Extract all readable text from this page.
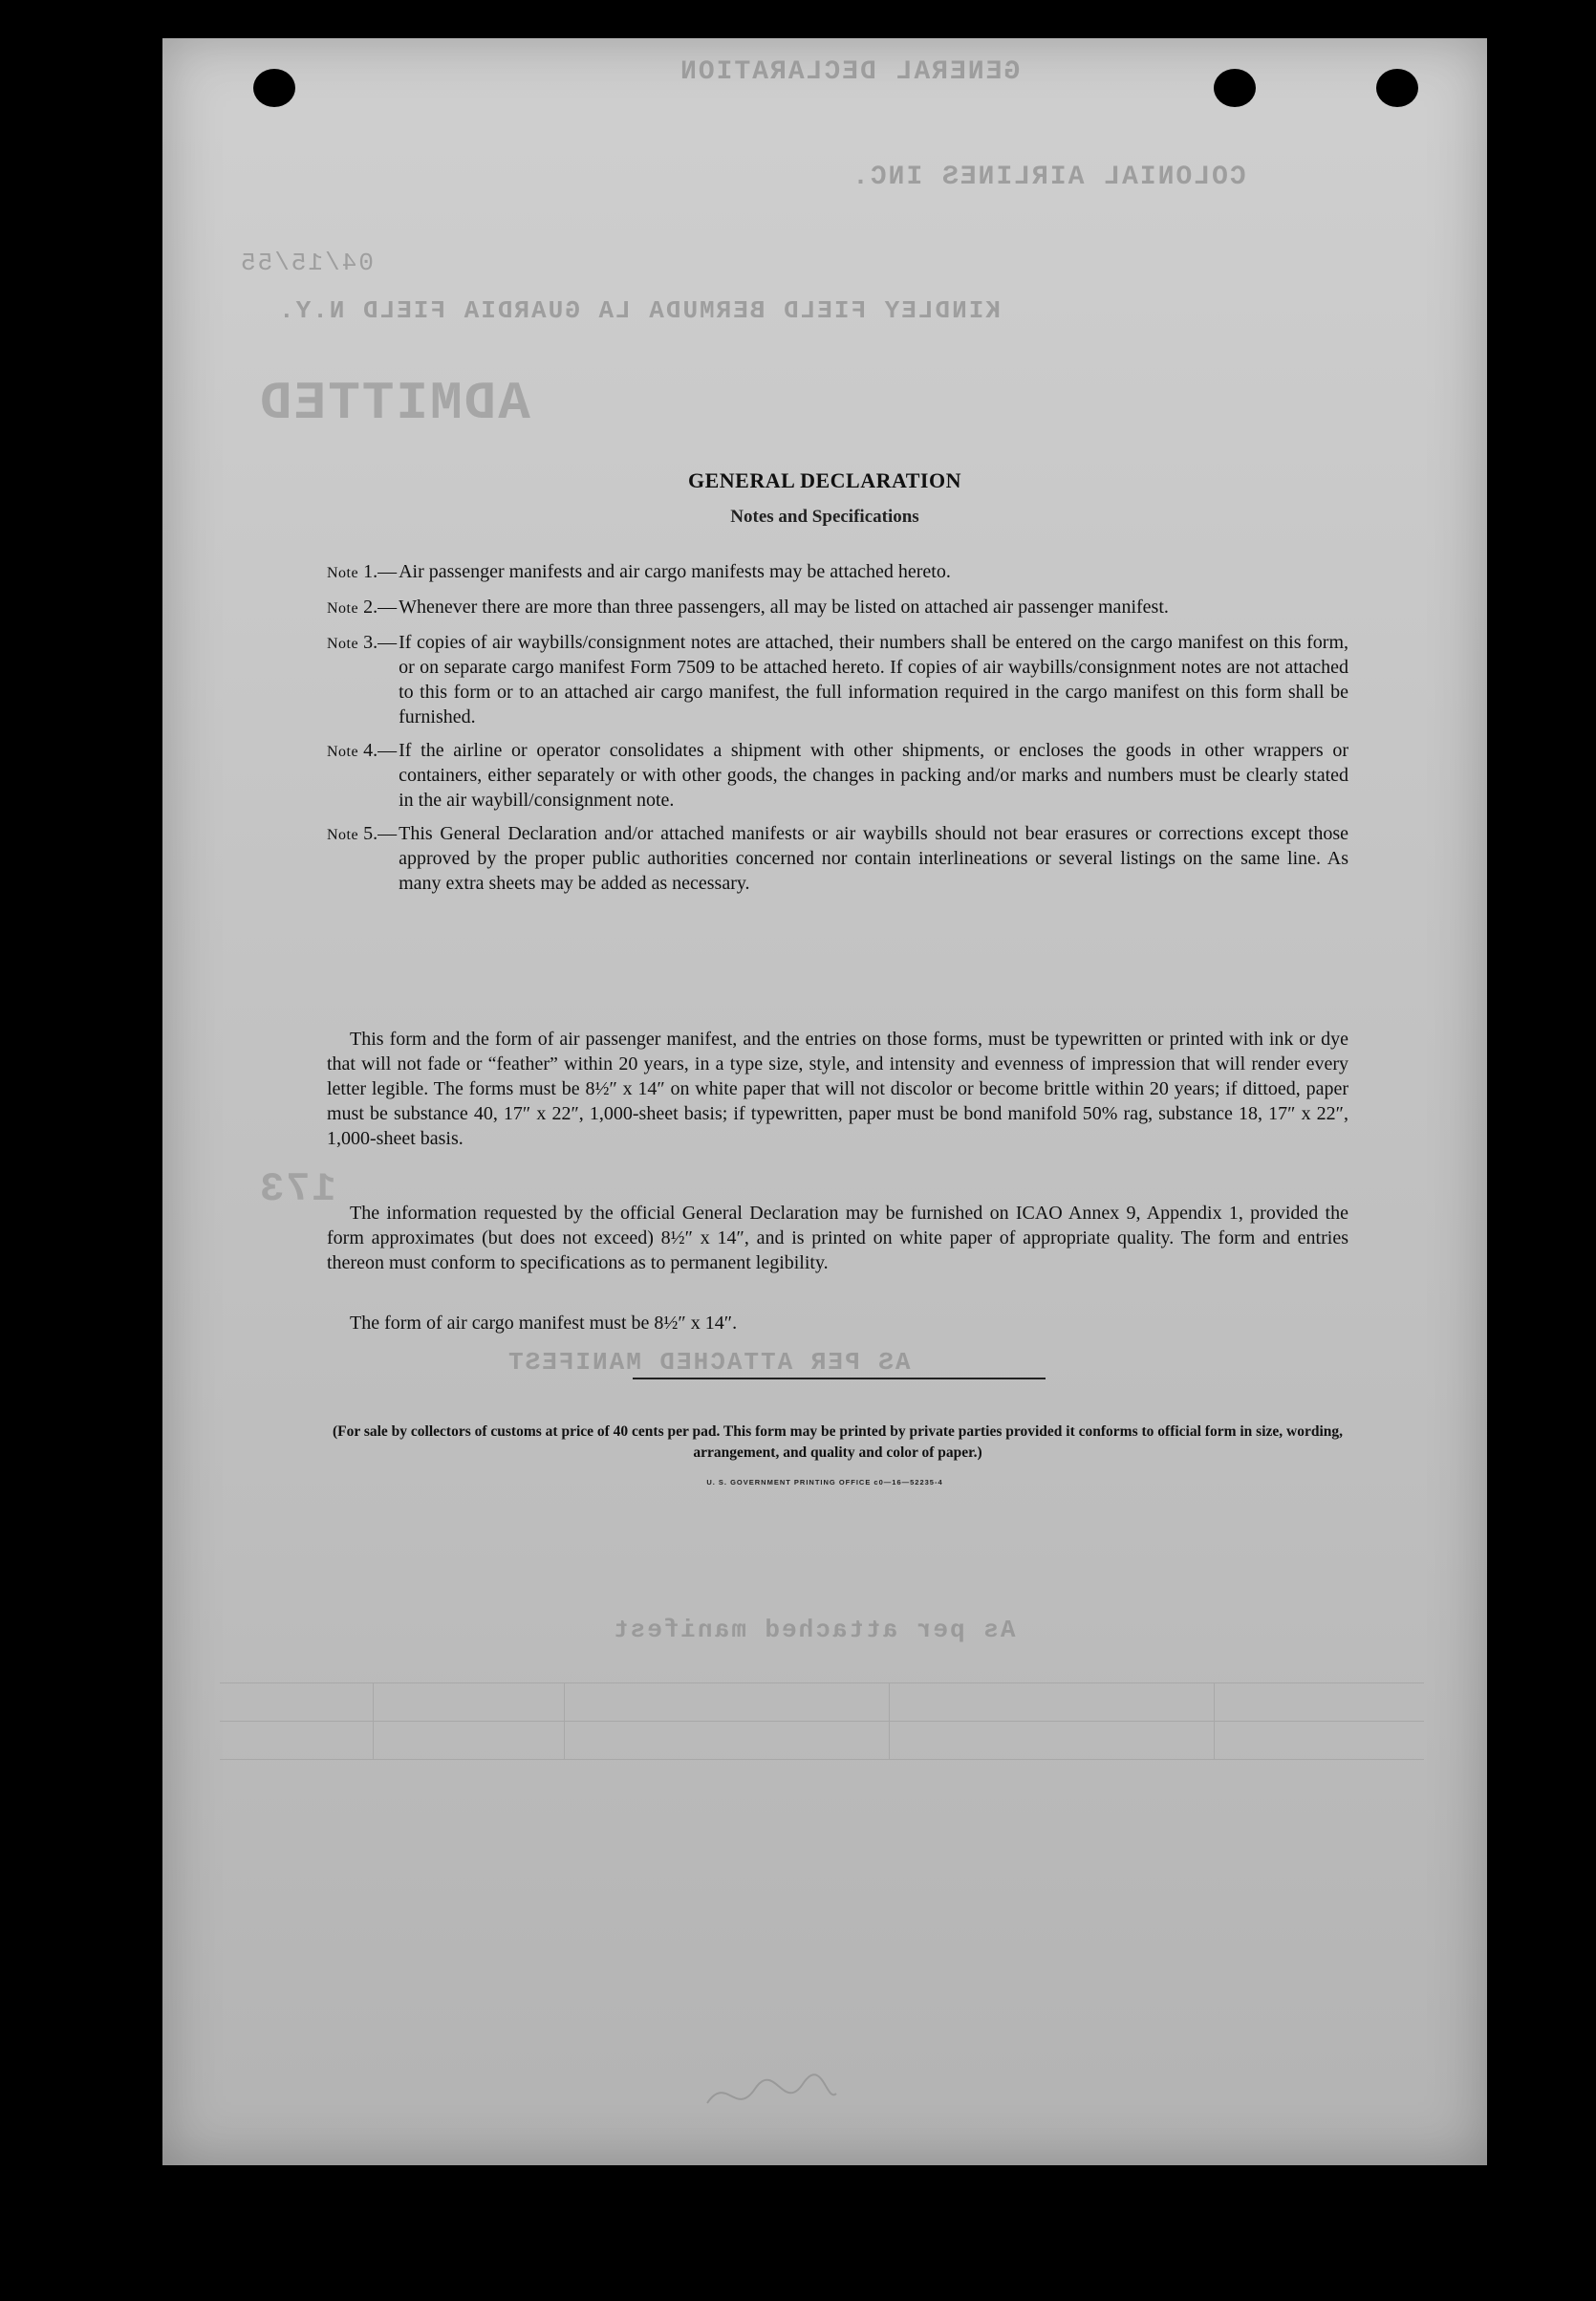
GENERAL DECLARATION
COLONIAL AIRLINES INC.
04/15/55
KINDLEY FIELD BERMUDA LA GUARDIA FIELD N.Y.
ADMITTED
AS PER ATTACHED MANIFEST
As per attached manifest
173
GENERAL DECLARATION
Notes and Specifications
Note 1.— Air passenger manifests and air cargo manifests may be attached hereto.
Note 2.— Whenever there are more than three passengers, all may be listed on attached air passenger manifest.
Note 3.— If copies of air waybills/consignment notes are attached, their numbers shall be entered on the cargo manifest on this form, or on separate cargo manifest Form 7509 to be attached hereto. If copies of air waybills/consignment notes are not attached to this form or to an attached air cargo manifest, the full information required in the cargo manifest on this form shall be furnished.
Note 4.— If the airline or operator consolidates a shipment with other shipments, or encloses the goods in other wrappers or containers, either separately or with other goods, the changes in packing and/or marks and numbers must be clearly stated in the air waybill/consignment note.
Note 5.— This General Declaration and/or attached manifests or air waybills should not bear erasures or corrections except those approved by the proper public authorities concerned nor contain interlineations or several listings on the same line. As many extra sheets may be added as necessary.
This form and the form of air passenger manifest, and the entries on those forms, must be typewritten or printed with ink or dye that will not fade or “feather” within 20 years, in a type size, style, and intensity and evenness of impression that will render every letter legible. The forms must be 8½″ x 14″ on white paper that will not discolor or become brittle within 20 years; if dittoed, paper must be substance 40, 17″ x 22″, 1,000-sheet basis; if typewritten, paper must be bond manifold 50% rag, substance 18, 17″ x 22″, 1,000-sheet basis.
The information requested by the official General Declaration may be furnished on ICAO Annex 9, Appendix 1, provided the form approximates (but does not exceed) 8½″ x 14″, and is printed on white paper of appropriate quality. The form and entries thereon must conform to specifications as to permanent legibility.
The form of air cargo manifest must be 8½″ x 14″.
(For sale by collectors of customs at price of 40 cents per pad. This form may be printed by private parties provided it conforms to official form in size, wording, arrangement, and quality and color of paper.)
U. S. GOVERNMENT PRINTING OFFICE c0—16—52235-4
